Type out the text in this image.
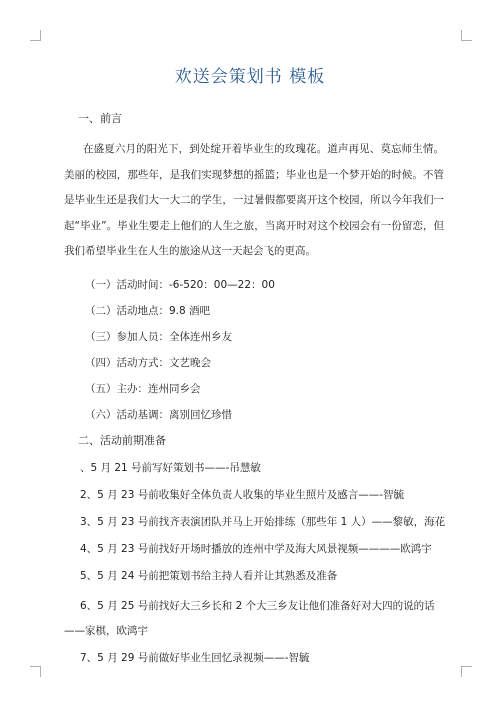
欢送会策划书 模板
一、前言

在盛夏六月的阳光下，到处绽开着毕业生的玫瑰花。道声再见、莫忘师生情。美丽的校园，那些年，是我们实现梦想的摇篮；毕业也是一个梦开始的时候。不管是毕业生还是我们大一大二的学生，一过暑假都要离开这个校园，所以今年我们一起“毕业”。毕业生要走上他们的人生之旅，当离开时对这个校园会有一份留恋，但我们希望毕业生在人生的旅途从这一天起会飞的更高。

（一）活动时间：-6-520：00—22：00
（二）活动地点：9.8 酒吧
（三）参加人员：全体连州乡友
（四）活动方式：文艺晚会
（五）主办：连州同乡会
（六）活动基调：离别回忆珍惜
二、活动前期准备
、5 月 21 号前写好策划书——-吊慧敏
2、5 月 23 号前收集好全体负责人收集的毕业生照片及感言——-智毓
3、5 月 23 号前找齐表演团队并马上开始排练（那些年 1 人）——黎敏，海花
4、5 月 23 号前找好开场时播放的连州中学及海大风景视频————欧鸿宇
5、5 月 24 号前把策划书给主持人看并让其熟悉及准备
6、5 月 25 号前找好大三乡长和 2 个大三乡友让他们准备好对大四的说的话——家棋，欧鸿宇
7、5 月 29 号前做好毕业生回忆录视频——-智毓
